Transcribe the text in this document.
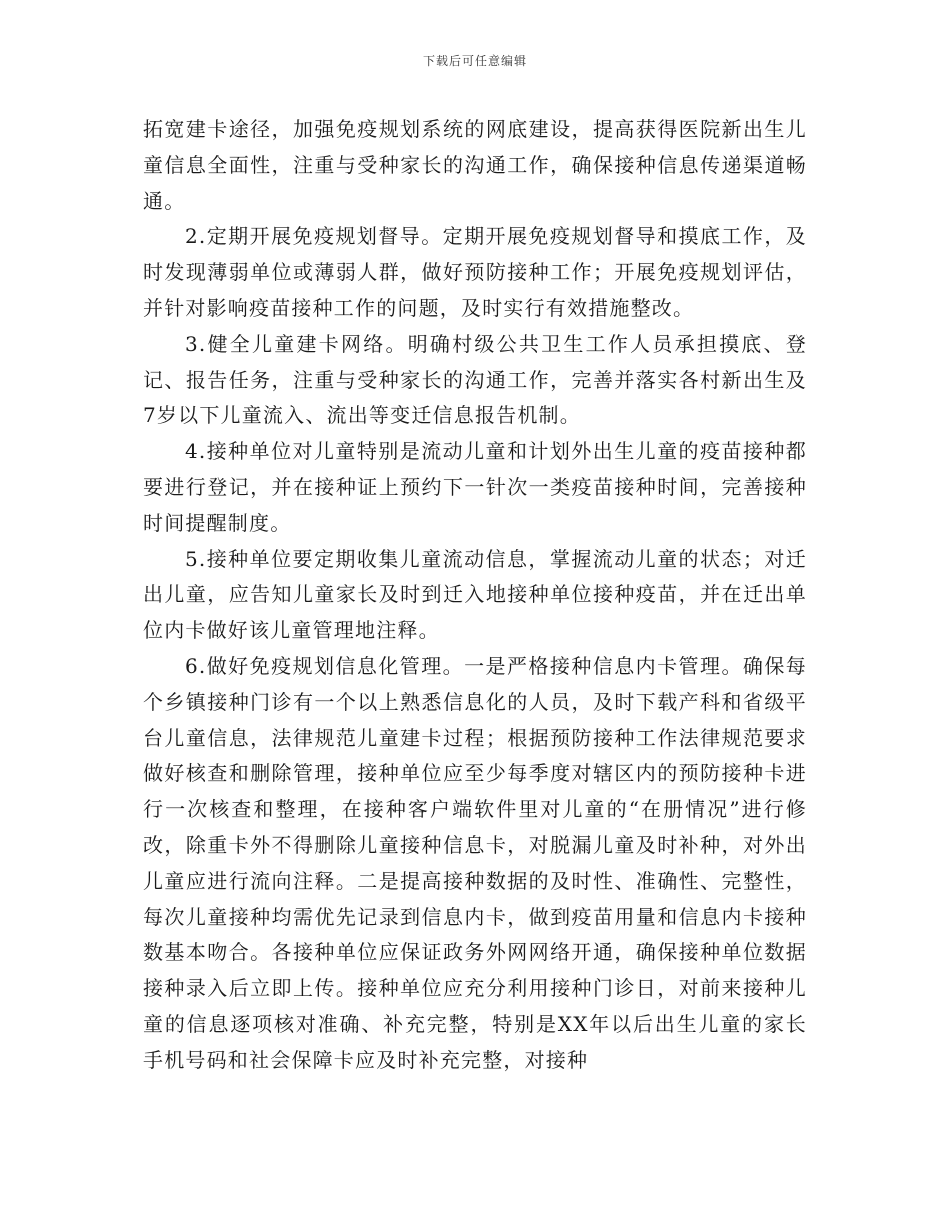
下载后可任意编辑

拓宽建卡途径，加强免疫规划系统的网底建设，提高获得医院新出生儿童信息全面性，注重与受种家长的沟通工作，确保接种信息传递渠道畅通。

2.定期开展免疫规划督导。定期开展免疫规划督导和摸底工作，及时发现薄弱单位或薄弱人群，做好预防接种工作；开展免疫规划评估，并针对影响疫苗接种工作的问题，及时实行有效措施整改。

3.健全儿童建卡网络。明确村级公共卫生工作人员承担摸底、登记、报告任务，注重与受种家长的沟通工作，完善并落实各村新出生及7岁以下儿童流入、流出等变迁信息报告机制。

4.接种单位对儿童特别是流动儿童和计划外出生儿童的疫苗接种都要进行登记，并在接种证上预约下一针次一类疫苗接种时间，完善接种时间提醒制度。

5.接种单位要定期收集儿童流动信息，掌握流动儿童的状态；对迁出儿童，应告知儿童家长及时到迁入地接种单位接种疫苗，并在迁出单位内卡做好该儿童管理地注释。

6.做好免疫规划信息化管理。一是严格接种信息内卡管理。确保每个乡镇接种门诊有一个以上熟悉信息化的人员，及时下载产科和省级平台儿童信息，法律规范儿童建卡过程；根据预防接种工作法律规范要求做好核查和删除管理，接种单位应至少每季度对辖区内的预防接种卡进行一次核查和整理，在接种客户端软件里对儿童的“在册情况”进行修改，除重卡外不得删除儿童接种信息卡，对脱漏儿童及时补种，对外出儿童应进行流向注释。二是提高接种数据的及时性、准确性、完整性，每次儿童接种均需优先记录到信息内卡，做到疫苗用量和信息内卡接种数基本吻合。各接种单位应保证政务外网网络开通，确保接种单位数据接种录入后立即上传。接种单位应充分利用接种门诊日，对前来接种儿童的信息逐项核对准确、补充完整，特别是XX年以后出生儿童的家长手机号码和社会保障卡应及时补充完整，对接种
